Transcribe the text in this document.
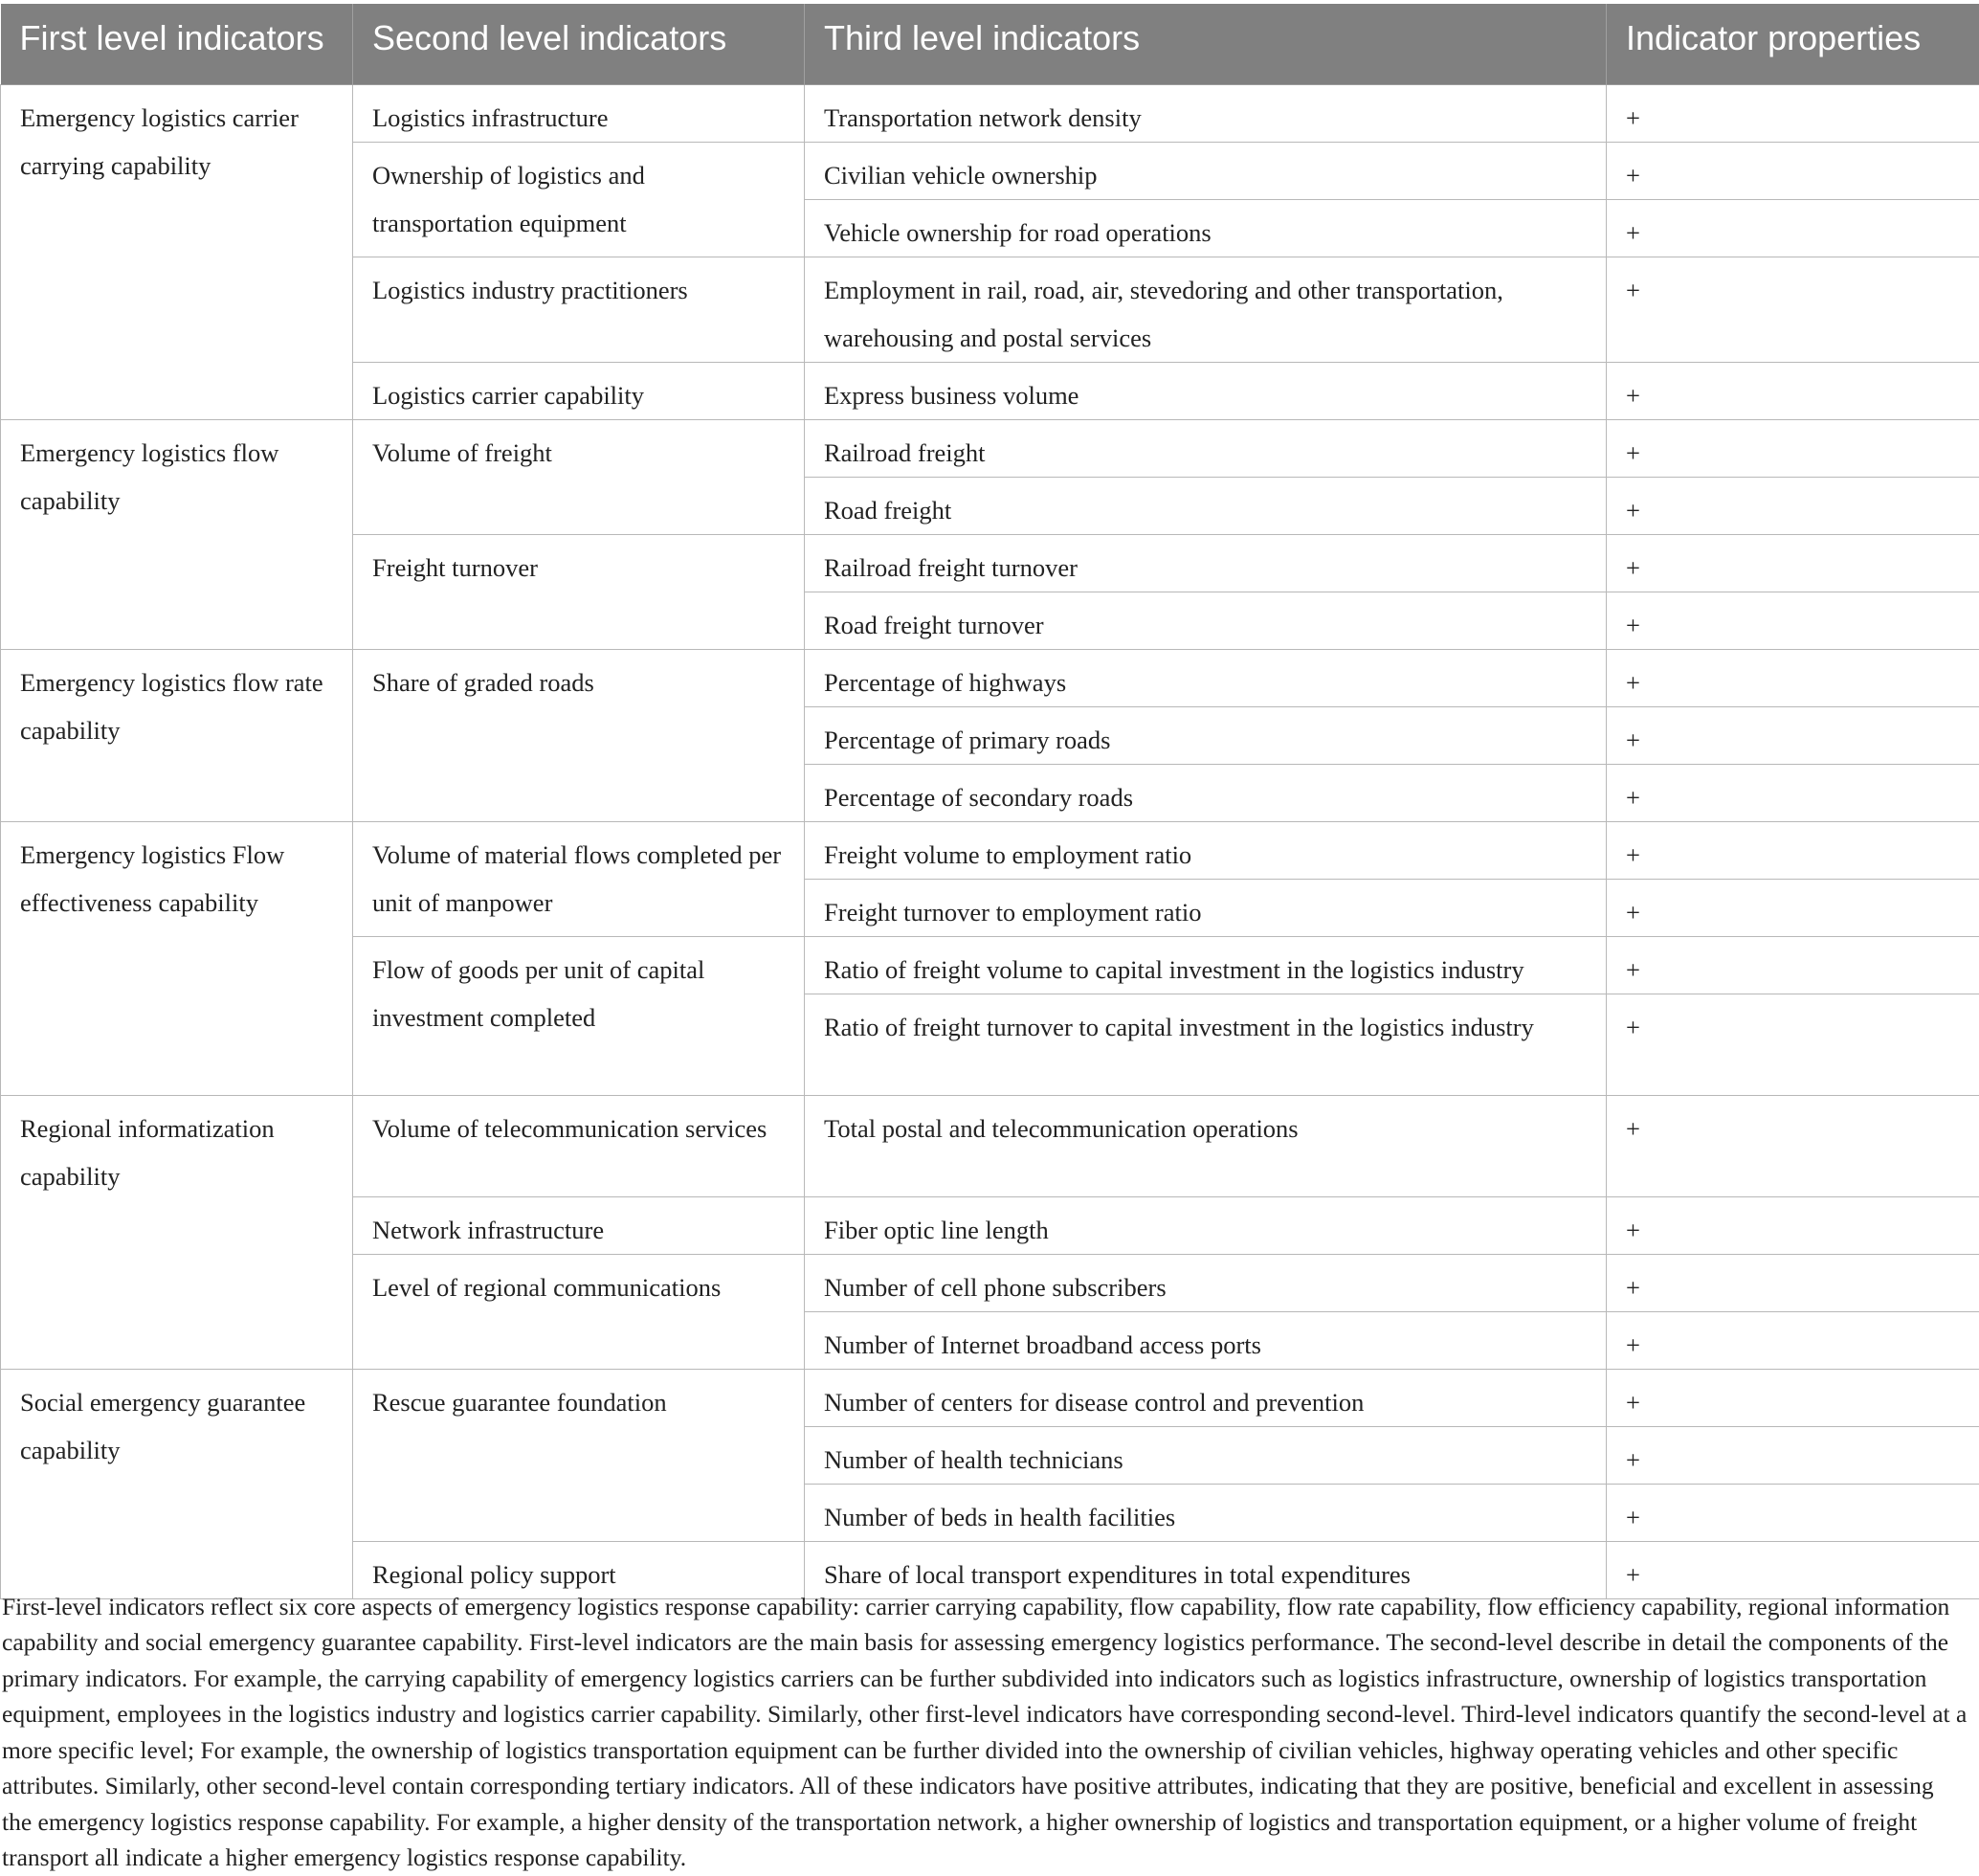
First level indicators	Second level indicators	Third level indicators	Indicator properties
Emergency logistics carrier carrying capability	Logistics infrastructure	Transportation network density	+
	Ownership of logistics and transportation equipment	Civilian vehicle ownership	+
		Vehicle ownership for road operations	+
	Logistics industry practitioners	Employment in rail, road, air, stevedoring and other transportation, warehousing and postal services	+
	Logistics carrier capability	Express business volume	+
Emergency logistics flow capability	Volume of freight	Railroad freight	+
		Road freight	+
	Freight turnover	Railroad freight turnover	+
		Road freight turnover	+
Emergency logistics flow rate capability	Share of graded roads	Percentage of highways	+
		Percentage of primary roads	+
		Percentage of secondary roads	+
Emergency logistics Flow effectiveness capability	Volume of material flows completed per unit of manpower	Freight volume to employment ratio	+
		Freight turnover to employment ratio	+
	Flow of goods per unit of capital investment completed	Ratio of freight volume to capital investment in the logistics industry	+
		Ratio of freight turnover to capital investment in the logistics industry	+
Regional informatization capability	Volume of telecommunication services	Total postal and telecommunication operations	+
	Network infrastructure	Fiber optic line length	+
	Level of regional communications	Number of cell phone subscribers	+
		Number of Internet broadband access ports	+
Social emergency guarantee capability	Rescue guarantee foundation	Number of centers for disease control and prevention	+
		Number of health technicians	+
		Number of beds in health facilities	+
	Regional policy support	Share of local transport expenditures in total expenditures	+

First-level indicators reflect six core aspects of emergency logistics response capability: carrier carrying capability, flow capability, flow rate capability, flow efficiency capability, regional information capability and social emergency guarantee capability. First-level indicators are the main basis for assessing emergency logistics performance. The second-level describe in detail the components of the primary indicators. For example, the carrying capability of emergency logistics carriers can be further subdivided into indicators such as logistics infrastructure, ownership of logistics transportation equipment, employees in the logistics industry and logistics carrier capability. Similarly, other first-level indicators have corresponding second-level. Third-level indicators quantify the second-level at a more specific level; For example, the ownership of logistics transportation equipment can be further divided into the ownership of civilian vehicles, highway operating vehicles and other specific attributes. Similarly, other second-level contain corresponding tertiary indicators. All of these indicators have positive attributes, indicating that they are positive, beneficial and excellent in assessing the emergency logistics response capability. For example, a higher density of the transportation network, a higher ownership of logistics and transportation equipment, or a higher volume of freight transport all indicate a higher emergency logistics response capability.
